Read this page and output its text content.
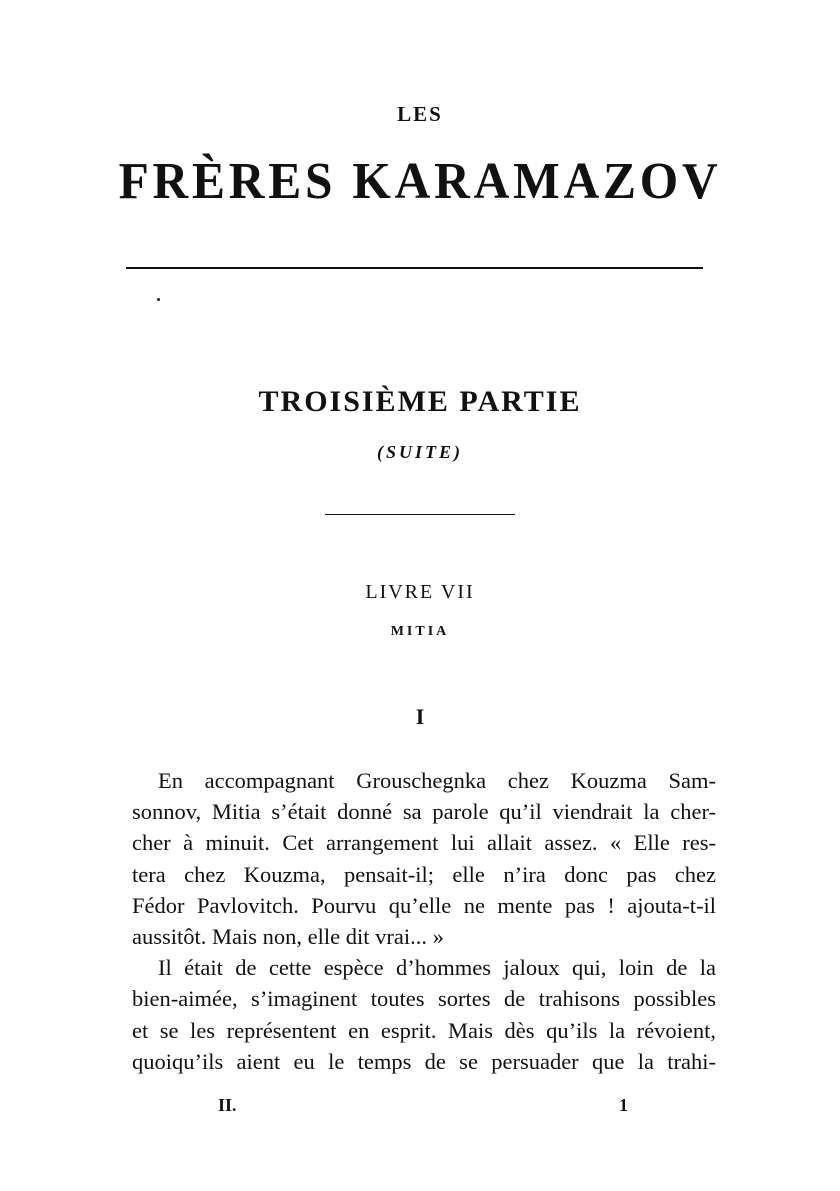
LES
FRÈRES KARAMAZOV
TROISIÈME PARTIE
(SUITE)
LIVRE VII
MITIA
I
En accompagnant Grouschegnka chez Kouzma Sam-
sonnov, Mitia s’était donné sa parole qu’il viendrait la cher-
cher à minuit. Cet arrangement lui allait assez. « Elle res-
tera chez Kouzma, pensait-il; elle n’ira donc pas chez
Fédor Pavlovitch. Pourvu qu’elle ne mente pas ! ajouta-t-il
aussitôt. Mais non, elle dit vrai... »
Il était de cette espèce d’hommes jaloux qui, loin de la
bien-aimée, s’imaginent toutes sortes de trahisons possibles
et se les représentent en esprit. Mais dès qu’ils la révoient,
quoiqu’ils aient eu le temps de se persuader que la trahi-
II.	1
